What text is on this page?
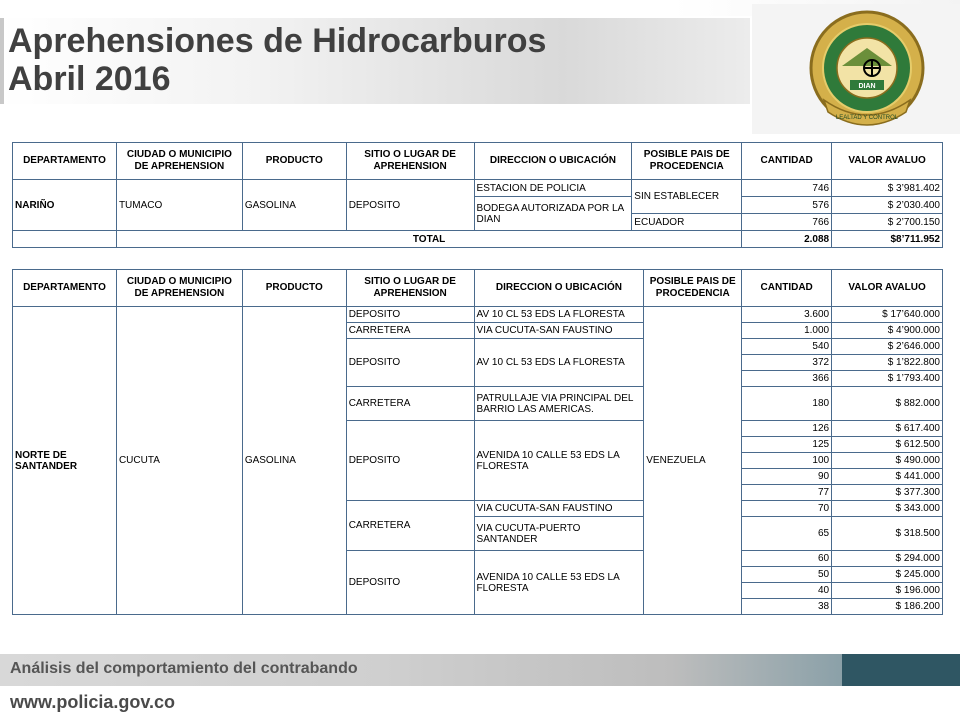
Aprehensiones de Hidrocarburos
Abril 2016	DIAN
LEALTAD Y CONTROL
DEPARTAMENTO	CIUDAD O MUNICIPIO DE APREHENSION	PRODUCTO	SITIO O LUGAR DE APREHENSION	DIRECCION O UBICACIÓN	POSIBLE PAIS DE PROCEDENCIA	CANTIDAD	VALOR AVALUO
NARIÑO	TUMACO	GASOLINA	DEPOSITO	ESTACION DE POLICIA	SIN ESTABLECER	746	$ 3’981.402
				BODEGA AUTORIZADA POR LA DIAN		576	$ 2’030.400
					ECUADOR	766	$ 2’700.150
	TOTAL					2.088	$8’711.952
DEPARTAMENTO	CIUDAD O MUNICIPIO DE APREHENSION	PRODUCTO	SITIO O LUGAR DE APREHENSION	DIRECCION O UBICACIÓN	POSIBLE PAIS DE PROCEDENCIA	CANTIDAD	VALOR AVALUO
NORTE DE SANTANDER	CUCUTA	GASOLINA	DEPOSITO	AV 10 CL 53 EDS LA FLORESTA	VENEZUELA	3.600	$ 17’640.000
			CARRETERA	VIA CUCUTA-SAN FAUSTINO		1.000	$ 4’900.000
			DEPOSITO	AV 10 CL 53 EDS LA FLORESTA		540	$ 2’646.000
						372	$ 1’822.800
						366	$ 1’793.400
			CARRETERA	PATRULLAJE VIA PRINCIPAL DEL BARRIO LAS AMERICAS.		180	$ 882.000
			DEPOSITO	AVENIDA 10 CALLE 53 EDS LA FLORESTA		126	$ 617.400
						125	$ 612.500
						100	$ 490.000
						90	$ 441.000
						77	$ 377.300
			CARRETERA	VIA CUCUTA-SAN FAUSTINO		70	$ 343.000
				VIA CUCUTA-PUERTO SANTANDER		65	$ 318.500
			DEPOSITO	AVENIDA 10 CALLE 53 EDS LA FLORESTA		60	$ 294.000
						50	$ 245.000
						40	$ 196.000
						38	$ 186.200
Análisis del comportamiento del contrabando
www.policia.gov.co
